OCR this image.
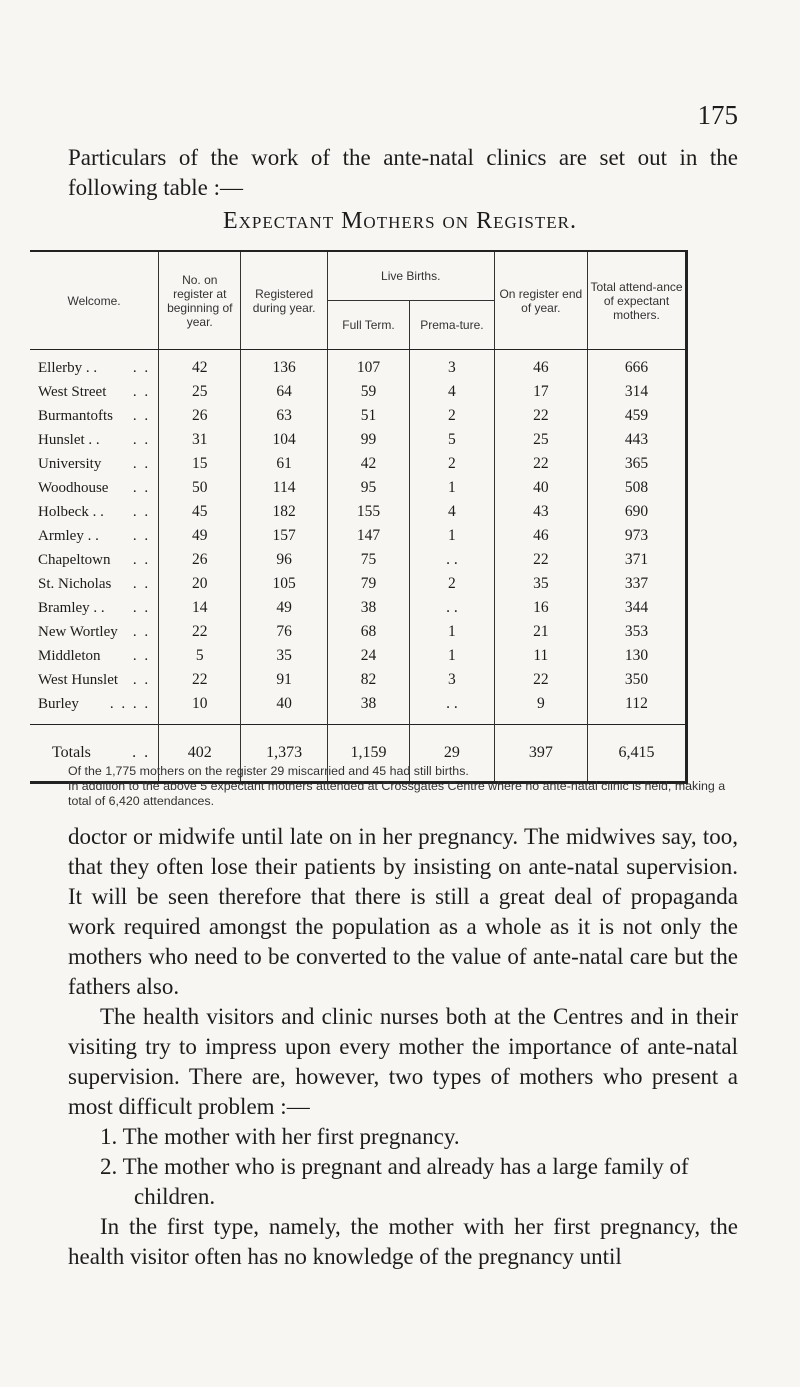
175

Particulars of the work of the ante-natal clinics are set out in the following table :—

Expectant Mothers on Register.
Welcome.	No. on register at beginning of year.	Registered during year.	Live Births.		On register end of year.	Total attend-ance of expectant mothers.
			Full Term.	Prema-ture.		

. .
Ellerby . .	42	136	107	3	46	666

. .
West Street	25	64	59	4	17	314

. .
Burmantofts	26	63	51	2	22	459

. .
Hunslet . .	31	104	99	5	25	443

. .
University	15	61	42	2	22	365

. .
Woodhouse	50	114	95	1	40	508

. .
Holbeck . .	45	182	155	4	43	690

. .
Armley . .	49	157	147	1	46	973

. .
Chapeltown	26	96	75	. .	22	371

. .
St. Nicholas	20	105	79	2	35	337

. .
Bramley . .	14	49	38	. .	16	344

. .
New Wortley	22	76	68	1	21	353

. .
Middleton	5	35	24	1	11	130

. .
West Hunslet	22	91	82	3	22	350

. . . .
Burley	10	40	38	. .	9	112

. .
Totals	402	1,373	1,159	29	397	6,415

Of the 1,775 mothers on the register 29 miscarried and 45 had still births.

In addition to the above 5 expectant mothers attended at Crossgates Centre where no ante-natal clinic is held, making a total of 6,420 attendances.

doctor or midwife until late on in her pregnancy. The midwives say, too, that they often lose their patients by insisting on ante-natal supervision. It will be seen therefore that there is still a great deal of propaganda work required amongst the population as a whole as it is not only the mothers who need to be converted to the value of ante-natal care but the fathers also.

The health visitors and clinic nurses both at the Centres and in their visiting try to impress upon every mother the importance of ante-natal supervision. There are, however, two types of mothers who present a most difficult problem :—

1. The mother with her first pregnancy.
2. The mother who is pregnant and already has a large family of children.

In the first type, namely, the mother with her first pregnancy, the health visitor often has no knowledge of the pregnancy until
